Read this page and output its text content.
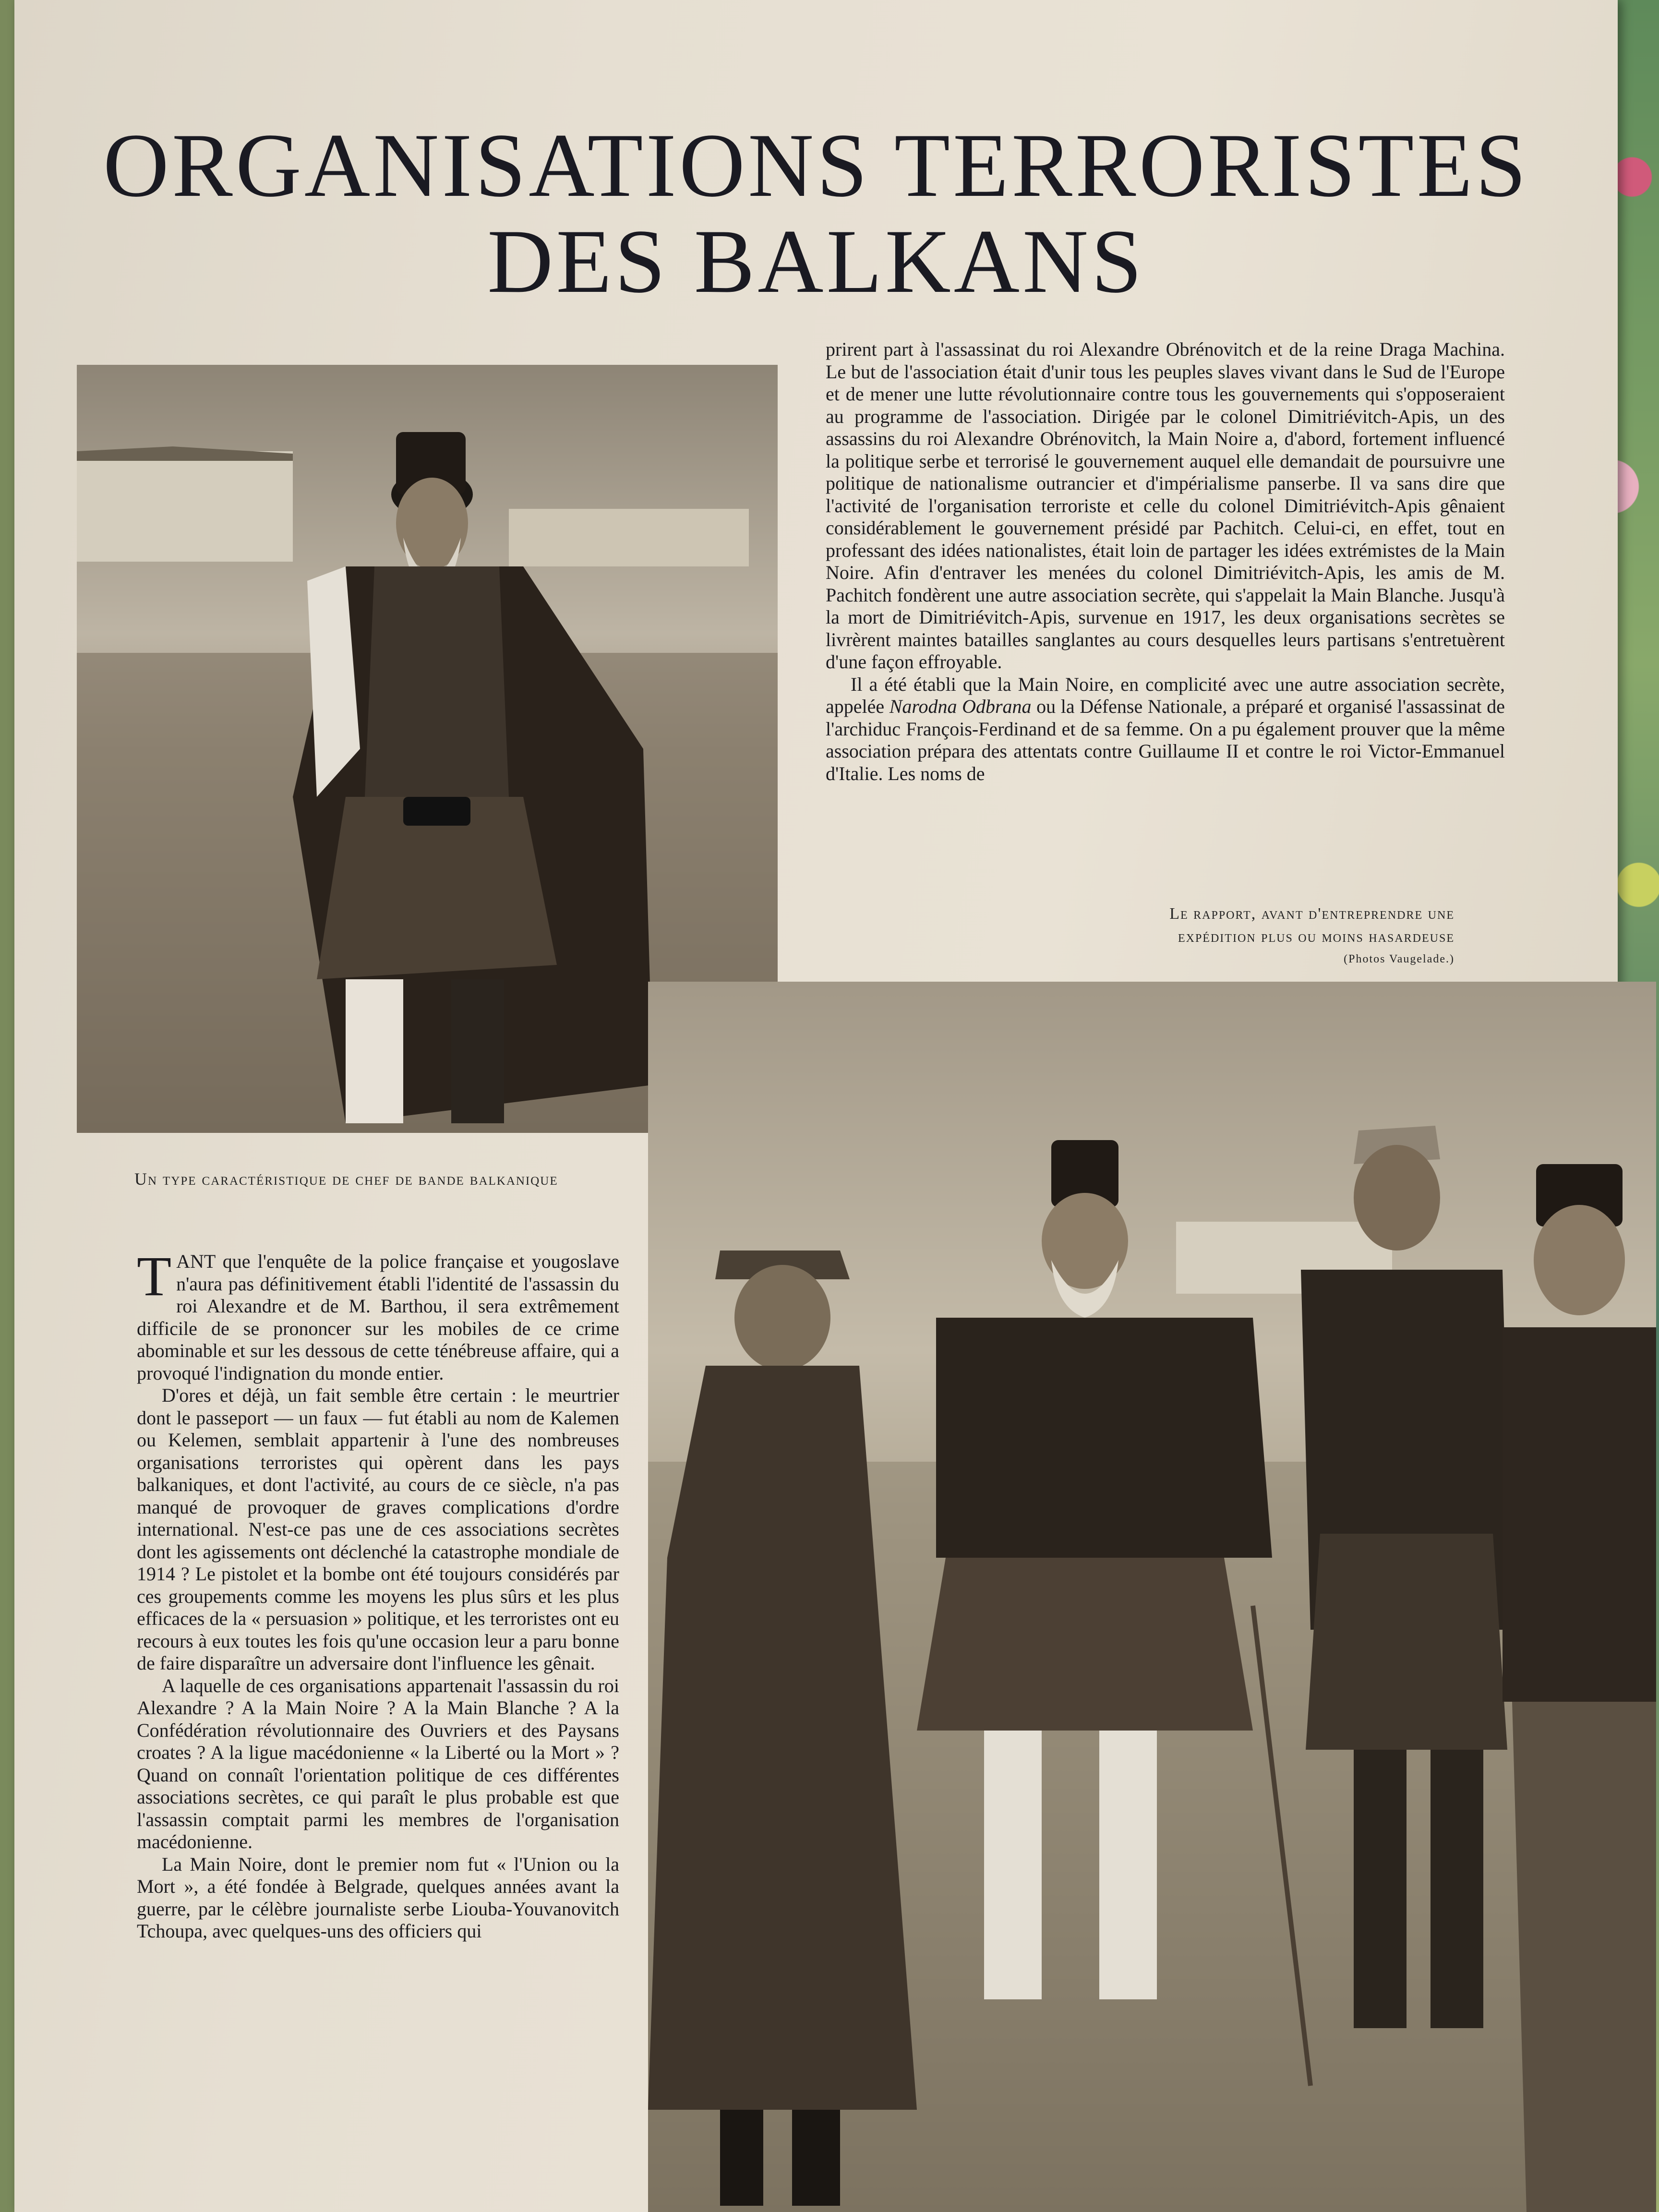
ORGANISATIONS TERRORISTES
DES BALKANS
Un type caractéristique de chef de bande balkanique
Le rapport, avant d'entreprendre une
expédition plus ou moins hasardeuse
(Photos Vaugelade.)

prirent part à l'assassinat du roi Alexandre Obrénovitch et de la reine Draga Machina. Le but de l'association était d'unir tous les peuples slaves vivant dans le Sud de l'Europe et de mener une lutte révolutionnaire contre tous les gouvernements qui s'opposeraient au programme de l'association. Dirigée par le colonel Dimitriévitch-Apis, un des assassins du roi Alexandre Obrénovitch, la Main Noire a, d'abord, fortement influencé la politique serbe et terrorisé le gouvernement auquel elle demandait de poursuivre une politique de nationalisme outrancier et d'impérialisme panserbe. Il va sans dire que l'activité de l'organisation terroriste et celle du colonel Dimitriévitch-Apis gênaient considérablement le gouvernement présidé par Pachitch. Celui-ci, en effet, tout en professant des idées nationalistes, était loin de partager les idées extrémistes de la Main Noire. Afin d'entraver les menées du colonel Dimitriévitch-Apis, les amis de M. Pachitch fondèrent une autre association secrète, qui s'appelait la Main Blanche. Jusqu'à la mort de Dimitriévitch-Apis, survenue en 1917, les deux organisations secrètes se livrèrent maintes batailles sanglantes au cours desquelles leurs partisans s'entretuèrent d'une façon effroyable.

Il a été établi que la Main Noire, en complicité avec une autre association secrète, appelée Narodna Odbrana ou la Défense Nationale, a préparé et organisé l'assassinat de l'archiduc François-Ferdinand et de sa femme. On a pu également prouver que la même association prépara des attentats contre Guillaume II et contre le roi Victor-Emmanuel d'Italie. Les noms de

TANT que l'enquête de la police française et yougoslave n'aura pas définitivement établi l'identité de l'assassin du roi Alexandre et de M. Barthou, il sera extrêmement difficile de se prononcer sur les mobiles de ce crime abominable et sur les dessous de cette ténébreuse affaire, qui a provoqué l'indignation du monde entier.

D'ores et déjà, un fait semble être certain : le meurtrier dont le passeport — un faux — fut établi au nom de Kalemen ou Kelemen, semblait appartenir à l'une des nombreuses organisations terroristes qui opèrent dans les pays balkaniques, et dont l'activité, au cours de ce siècle, n'a pas manqué de provoquer de graves complications d'ordre international. N'est-ce pas une de ces associations secrètes dont les agissements ont déclenché la catastrophe mondiale de 1914 ? Le pistolet et la bombe ont été toujours considérés par ces groupements comme les moyens les plus sûrs et les plus efficaces de la « persuasion » politique, et les terroristes ont eu recours à eux toutes les fois qu'une occasion leur a paru bonne de faire disparaître un adversaire dont l'influence les gênait.

A laquelle de ces organisations appartenait l'assassin du roi Alexandre ? A la Main Noire ? A la Main Blanche ? A la Confédération révolutionnaire des Ouvriers et des Paysans croates ? A la ligue macédonienne « la Liberté ou la Mort » ? Quand on connaît l'orientation politique de ces différentes associations secrètes, ce qui paraît le plus probable est que l'assassin comptait parmi les membres de l'organisation macédonienne.

La Main Noire, dont le premier nom fut « l'Union ou la Mort », a été fondée à Belgrade, quelques années avant la guerre, par le célèbre journaliste serbe Liouba-Youvanovitch Tchoupa, avec quelques-uns des officiers qui
